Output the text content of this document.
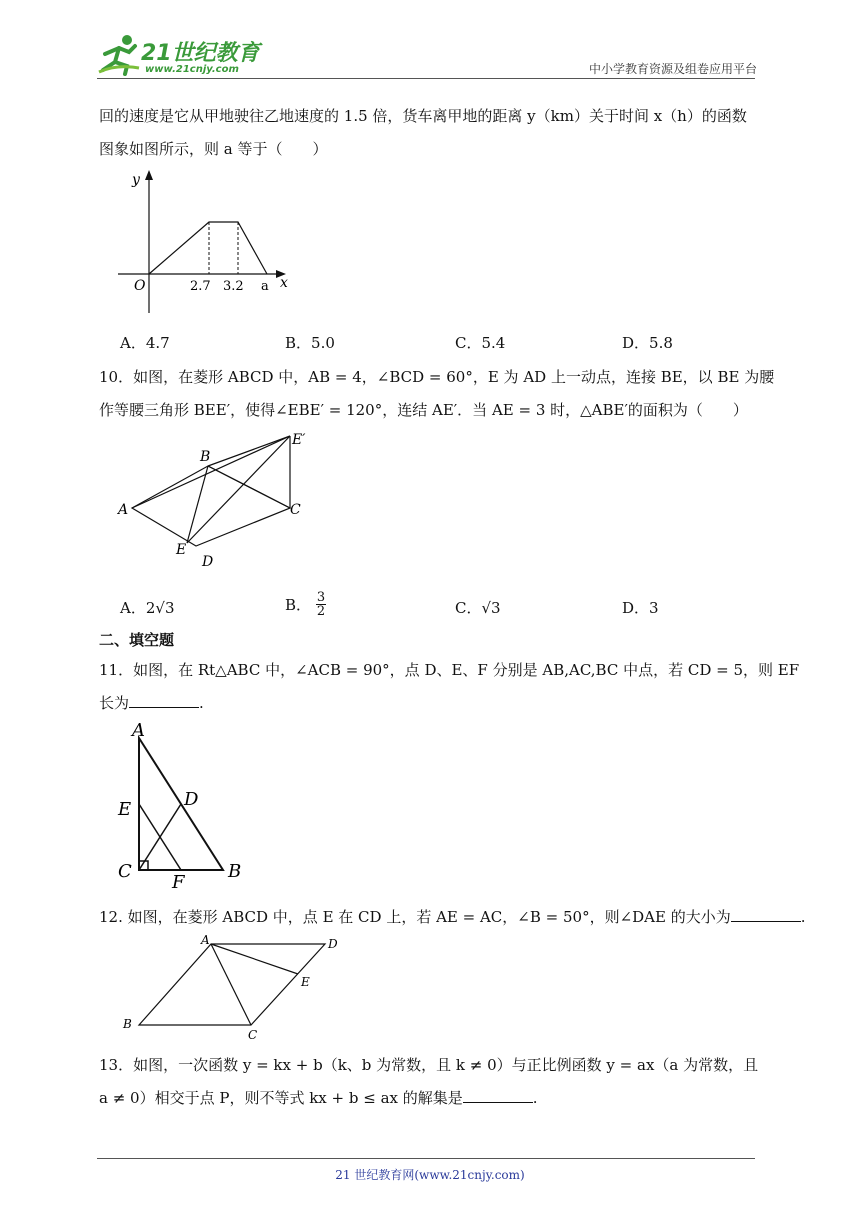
21世纪教育
www.21cnjy.com	中小学教育资源及组卷应用平台
回的速度是它从甲地驶往乙地速度的 1.5 倍，货车离甲地的距离 y（km）关于时间 x（h）的函数
图象如图所示，则 a 等于（　　）
y
x
O	2.7 3.2 a
A．4.7	B．5.0	C．5.4	D．5.8
10．如图，在菱形 ABCD 中，AB = 4，∠BCD = 60°，E 为 AD 上一动点，连接 BE，以 BE 为腰
作等腰三角形 BEE′，使得∠EBE′ = 120°，连结 AE′．当 AE = 3 时，△ABE′的面积为（　　）
A
B
C
D
E
E′
A．2√3	B． $\frac{3}{2}$	C．√3	D．3
二、填空题
11．如图，在 Rt△ABC 中，∠ACB = 90°，点 D、E、F 分别是 AB,AC,BC 中点，若 CD = 5，则 EF
长为	.
A
E	D
C
F
B
12. 如图，在菱形 ABCD 中，点 E 在 CD 上，若 AE = AC，∠B = 50°，则∠DAE 的大小为	.
A	D
E
B
C
13．如图，一次函数 y = kx + b（k、b 为常数，且 k ≠ 0）与正比例函数 y = ax（a 为常数，且
a ≠ 0）相交于点 P，则不等式 kx + b ≤ ax 的解集是	.
21 世纪教育网(www.21cnjy.com)
